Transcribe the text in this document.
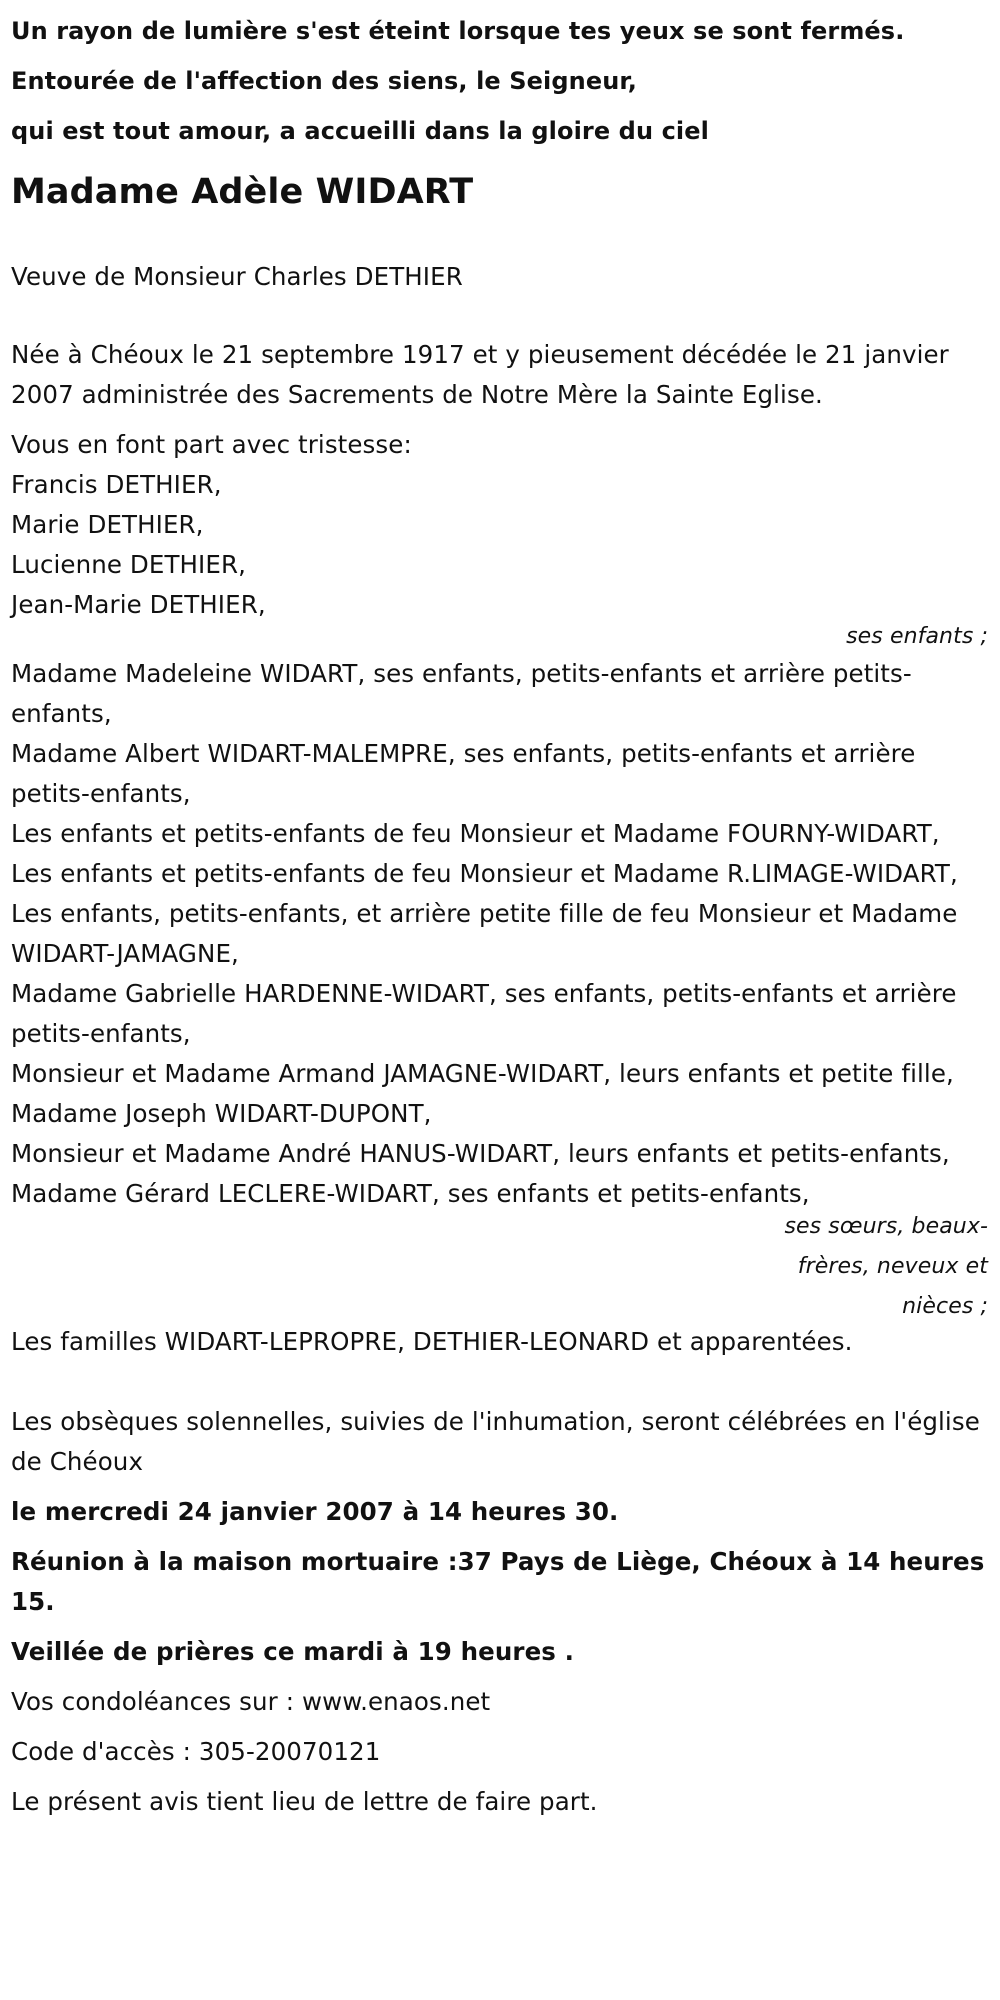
Un rayon de lumière s'est éteint lorsque tes yeux se sont fermés.
Entourée de l'affection des siens, le Seigneur,
qui est tout amour, a accueilli dans la gloire du ciel
Madame Adèle WIDART

Veuve de Monsieur Charles DETHIER

Née à Chéoux le 21 septembre 1917 et y pieusement décédée le 21 janvier 2007 administrée des Sacrements de Notre Mère la Sainte Eglise.

Vous en font part avec tristesse:

Francis DETHIER,
Marie DETHIER,
Lucienne DETHIER,
Jean-Marie DETHIER,
ses enfants ;
Madame Madeleine WIDART, ses enfants, petits-enfants et arrière petits-enfants,
Madame Albert WIDART-MALEMPRE, ses enfants, petits-enfants et arrière petits-enfants,
Les enfants et petits-enfants de feu Monsieur et Madame FOURNY-WIDART,
Les enfants et petits-enfants de feu Monsieur et Madame R.LIMAGE-WIDART,
Les enfants, petits-enfants, et arrière petite fille de feu Monsieur et Madame WIDART-JAMAGNE,
Madame Gabrielle HARDENNE-WIDART, ses enfants, petits-enfants et arrière petits-enfants,
Monsieur et Madame Armand JAMAGNE-WIDART, leurs enfants et petite fille,
Madame Joseph WIDART-DUPONT,
Monsieur et Madame André HANUS-WIDART, leurs enfants et petits-enfants,
Madame Gérard LECLERE-WIDART, ses enfants et petits-enfants,
ses sœurs, beaux-frères, neveux et nièces ;

Les familles WIDART-LEPROPRE, DETHIER-LEONARD et apparentées.

Les obsèques solennelles, suivies de l'inhumation, seront célébrées en l'église de Chéoux

le mercredi 24 janvier 2007 à 14 heures 30.

Réunion à la maison mortuaire :37 Pays de Liège, Chéoux à 14 heures 15.

Veillée de prières ce mardi à 19 heures .

Vos condoléances sur : www.enaos.net

Code d'accès : 305-20070121

Le présent avis tient lieu de lettre de faire part.
